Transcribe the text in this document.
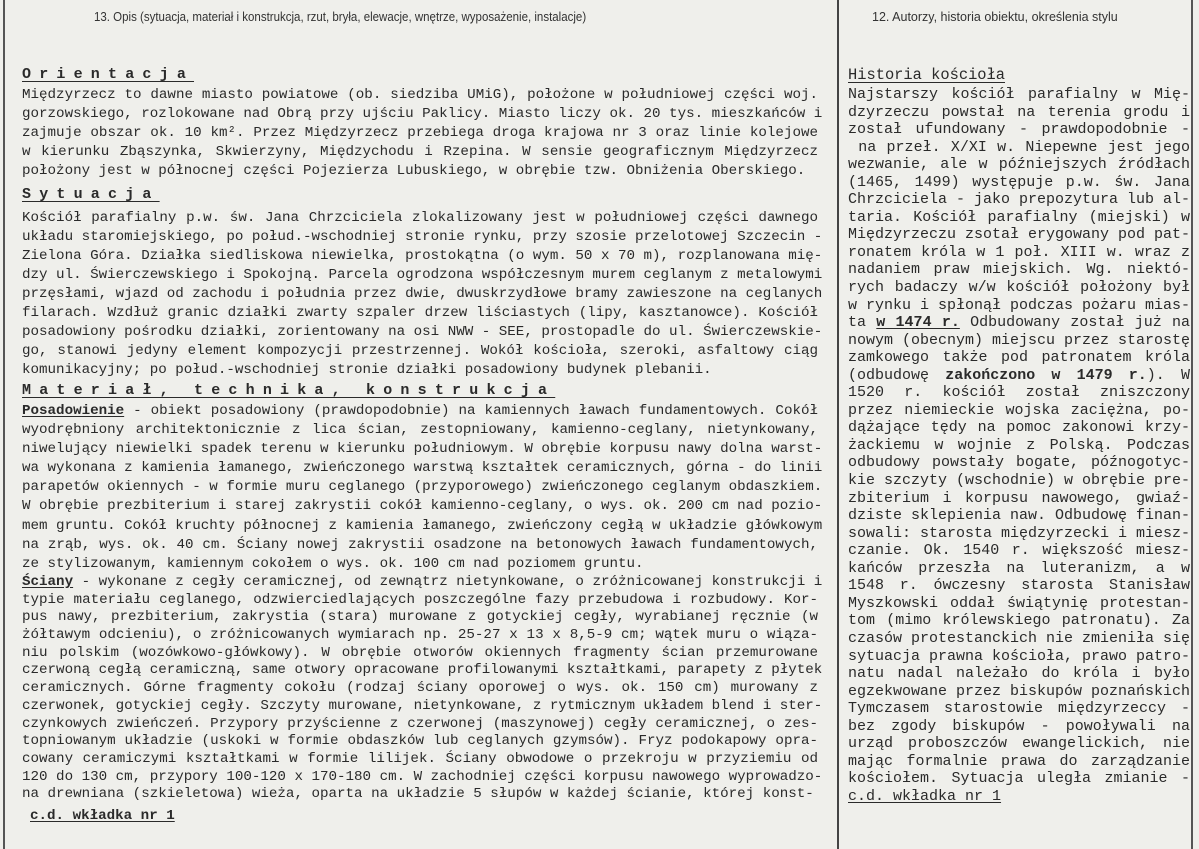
13. Opis (sytuacja, materiał i konstrukcja, rzut, bryła, elewacje, wnętrze, wyposażenie, instalacje)	12. Autorzy, historia obiektu, określenia stylu
Orientacja
Międzyrzecz to dawne miasto powiatowe (ob. siedziba UMiG), położone w południowej części woj.
gorzowskiego, rozlokowane nad Obrą przy ujściu Paklicy. Miasto liczy ok. 20 tys. mieszkańców i
zajmuje obszar ok. 10 km². Przez Międzyrzecz przebiega droga krajowa nr 3 oraz linie kolejowe
w kierunku Zbąszynka, Skwierzyny, Międzychodu i Rzepina. W sensie geograficznym Międzyrzecz
położony jest w północnej części Pojezierza Lubuskiego, w obrębie tzw. Obniżenia Oberskiego.
Sytuacja
Kościół parafialny p.w. św. Jana Chrzciciela zlokalizowany jest w południowej części dawnego
układu staromiejskiego, po połud.-wschodniej stronie rynku, przy szosie przelotowej Szczecin -
Zielona Góra. Działka siedliskowa niewielka, prostokątna (o wym. 50 x 70 m), rozplanowana mię-
dzy ul. Świerczewskiego i Spokojną. Parcela ogrodzona współczesnym murem ceglanym z metalowymi
przęsłami, wjazd od zachodu i południa przez dwie, dwuskrzydłowe bramy zawieszone na ceglanych
filarach. Wzdłuż granic działki zwarty szpaler drzew liściastych (lipy, kasztanowce). Kościół
posadowiony pośrodku działki, zorientowany na osi NWW - SEE, prostopadle do ul. Świerczewskie-
go, stanowi jedyny element kompozycji przestrzennej. Wokół kościoła, szeroki, asfaltowy ciąg
komunikacyjny; po połud.-wschodniej stronie działki posadowiony budynek plebanii.
Materiał, technika, konstrukcja
Posadowienie - obiekt posadowiony (prawdopodobnie) na kamiennych ławach fundamentowych. Cokół
wyodrębniony architektonicznie z lica ścian, zestopniowany, kamienno-ceglany, nietynkowany,
niwelujący niewielki spadek terenu w kierunku południowym. W obrębie korpusu nawy dolna warst-
wa wykonana z kamienia łamanego, zwieńczonego warstwą kształtek ceramicznych, górna - do linii
parapetów okiennych - w formie muru ceglanego (przyporowego) zwieńczonego ceglanym obdaszkiem.
W obrębie prezbiterium i starej zakrystii cokół kamienno-ceglany, o wys. ok. 200 cm nad pozio-
mem gruntu. Cokół kruchty północnej z kamienia łamanego, zwieńczony cegłą w układzie główkowym
na zrąb, wys. ok. 40 cm. Ściany nowej zakrystii osadzone na betonowych ławach fundamentowych,
ze stylizowanym, kamiennym cokołem o wys. ok. 100 cm nad poziomem gruntu.
Ściany - wykonane z cegły ceramicznej, od zewnątrz nietynkowane, o zróżnicowanej konstrukcji i
typie materiału ceglanego, odzwierciedlających poszczególne fazy przebudowa i rozbudowy. Kor-
pus nawy, prezbiterium, zakrystia (stara) murowane z gotyckiej cegły, wyrabianej ręcznie (w
żółtawym odcieniu), o zróżnicowanych wymiarach np. 25-27 x 13 x 8,5-9 cm; wątek muru o wiąza-
niu polskim (wozówkowo-główkowy). W obrębie otworów okiennych fragmenty ścian przemurowane
czerwoną cegłą ceramiczną, same otwory opracowane profilowanymi kształtkami, parapety z płytek
ceramicznych. Górne fragmenty cokołu (rodzaj ściany oporowej o wys. ok. 150 cm) murowany z
czerwonek, gotyckiej cegły. Szczyty murowane, nietynkowane, z rytmicznym układem blend i ster-
czynkowych zwieńczeń. Przypory przyścienne z czerwonej (maszynowej) cegły ceramicznej, o zes-
topniowanym układzie (uskoki w formie obdaszków lub ceglanych gzymsów). Fryz podokapowy opra-
cowany ceramiczymi kształtkami w formie lilijek. Ściany obwodowe o przekroju w przyziemiu od
120 do 130 cm, przypory 100-120 x 170-180 cm. W zachodniej części korpusu nawowego wyprowadzo-
na drewniana (szkieletowa) wieża, oparta na układzie 5 słupów w każdej ścianie, której konst-
c.d. wkładka nr 1
Historia kościoła
Najstarszy kościół parafialny w Mię-
dzyrzeczu powstał na terenia grodu i
został ufundowany - prawdopodobnie -
na przeł. X/XI w. Niepewne jest jego
wezwanie, ale w późniejszych źródłach
(1465, 1499) występuje p.w. św. Jana
Chrzciciela - jako prepozytura lub al-
taria. Kościół parafialny (miejski) w
Międzyrzeczu zsotał erygowany pod pat-
ronatem króla w 1 poł. XIII w. wraz z
nadaniem praw miejskich. Wg. niektó-
rych badaczy w/w kościół położony był
w rynku i spłonął podczas pożaru mias-
ta w 1474 r. Odbudowany został już na
nowym (obecnym) miejscu przez starostę
zamkowego także pod patronatem króla
(odbudowę zakończono w 1479 r.). W
1520 r. kościół został zniszczony
przez niemieckie wojska zaciężna, po-
dążające tędy na pomoc zakonowi krzy-
żackiemu w wojnie z Polską. Podczas
odbudowy powstały bogate, późnogotyc-
kie szczyty (wschodnie) w obrębie pre-
zbiterium i korpusu nawowego, gwiaź-
dziste sklepienia naw. Odbudowę finan-
sowali: starosta międzyrzecki i miesz-
czanie. Ok. 1540 r. większość miesz-
kańców przeszła na luteranizm, a w
1548 r. ówczesny starosta Stanisław
Myszkowski oddał świątynię protestan-
tom (mimo królewskiego patronatu). Za
czasów protestanckich nie zmieniła się
sytuacja prawna kościoła, prawo patro-
natu nadal należało do króla i było
egzekwowane przez biskupów poznańskich
Tymczasem starostowie międzyrzeccy -
bez zgody biskupów - powoływali na
urząd proboszczów ewangelickich, nie
mając formalnie prawa do zarządzanie
kościołem. Sytuacja uległa zmianie -
c.d. wkładka nr 1
